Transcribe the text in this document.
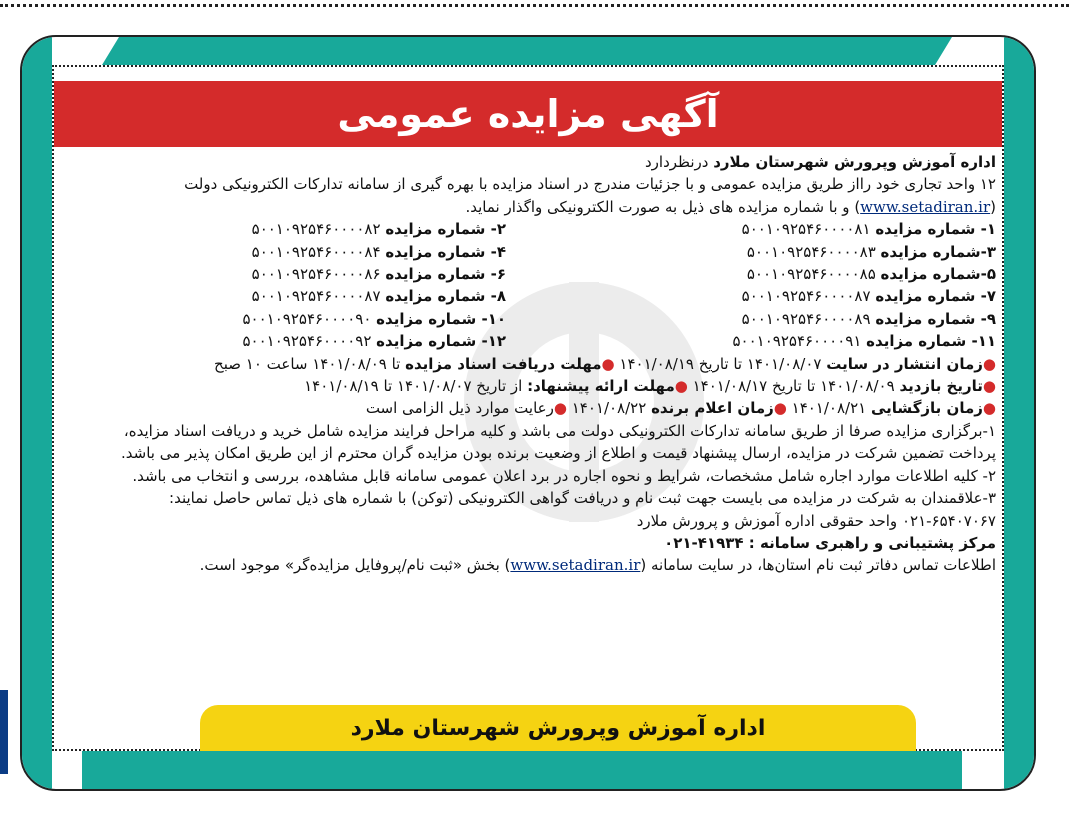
آگهی مزایده عمومی

اداره آموزش وپرورش شهرستان ملارد درنظردارد

۱۲ واحد تجاری خود رااز طریق مزایده عمومی و با جزئیات مندرج در اسناد مزایده با بهره گیری از سامانه تدارکات الکترونیکی دولت

(www.setadiran.ir) و با شماره مزایده های ذیل به صورت الکترونیکی واگذار نماید.

۱- شماره مزایده ۵۰۰۱۰۹۲۵۴۶۰۰۰۰۸۱

۲- شماره مزایده ۵۰۰۱۰۹۲۵۴۶۰۰۰۰۸۲

۳-شماره مزایده ۵۰۰۱۰۹۲۵۴۶۰۰۰۰۸۳

۴- شماره مزایده ۵۰۰۱۰۹۲۵۴۶۰۰۰۰۸۴

۵-شماره مزایده ۵۰۰۱۰۹۲۵۴۶۰۰۰۰۸۵

۶- شماره مزایده ۵۰۰۱۰۹۲۵۴۶۰۰۰۰۸۶

۷- شماره مزایده ۵۰۰۱۰۹۲۵۴۶۰۰۰۰۸۷

۸- شماره مزایده ۵۰۰۱۰۹۲۵۴۶۰۰۰۰۸۷

۹- شماره مزایده ۵۰۰۱۰۹۲۵۴۶۰۰۰۰۸۹

۱۰- شماره مزایده ۵۰۰۱۰۹۲۵۴۶۰۰۰۰۹۰

۱۱- شماره مزایده ۵۰۰۱۰۹۲۵۴۶۰۰۰۰۹۱

۱۲- شماره مزایده ۵۰۰۱۰۹۲۵۴۶۰۰۰۰۹۲

●زمان انتشار در سایت ۱۴۰۱/۰۸/۰۷ تا تاریخ ۱۴۰۱/۰۸/۱۹ ●مهلت دریافت اسناد مزایده تا ۱۴۰۱/۰۸/۰۹ ساعت ۱۰ صبح

●تاریخ بازدید ۱۴۰۱/۰۸/۰۹ تا تاریخ ۱۴۰۱/۰۸/۱۷ ●مهلت ارائه پیشنهاد: از تاریخ ۱۴۰۱/۰۸/۰۷ تا ۱۴۰۱/۰۸/۱۹

●زمان بازگشایی ۱۴۰۱/۰۸/۲۱ ●زمان اعلام برنده ۱۴۰۱/۰۸/۲۲ ●رعایت موارد ذیل الزامی است

۱-برگزاری مزایده صرفا از طریق سامانه تدارکات الکترونیکی دولت می باشد و کلیه مراحل فرایند مزایده شامل خرید و دریافت اسناد مزایده،

پرداخت تضمین شرکت در مزایده، ارسال پیشنهاد قیمت و اطلاع از وضعیت برنده بودن مزایده گران محترم از این طریق امکان پذیر می باشد.

۲- کلیه اطلاعات موارد اجاره شامل مشخصات، شرایط و نحوه اجاره در برد اعلان عمومی سامانه قابل مشاهده، بررسی و انتخاب می باشد.

۳-علاقمندان به شرکت در مزایده می بایست جهت ثبت نام و دریافت گواهی الکترونیکی (توکن) با شماره های ذیل تماس حاصل نمایند:

۰۲۱-۶۵۴۰۷۰۶۷ واحد حقوقی اداره آموزش و پرورش ملارد

مرکز پشتیبانی و راهبری سامانه : ۴۱۹۳۴-۰۲۱

اطلاعات تماس دفاتر ثبت نام استان‌ها، در سایت سامانه (www.setadiran.ir) بخش «ثبت نام/پروفایل مزایده‌گر» موجود است.

اداره آموزش وپرورش شهرستان ملارد
